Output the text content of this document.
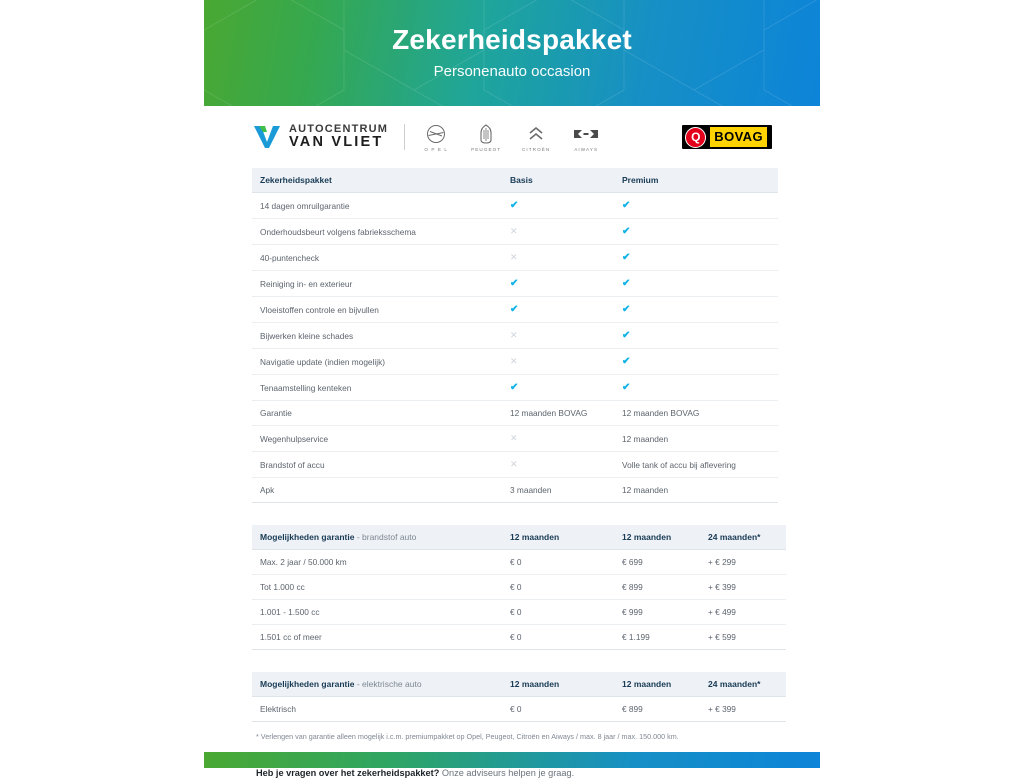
Zekerheidspakket
Personenauto occasion
AUTOCENTRUM
VAN VLIET	O P E L	PEUGEOT	CITROËN	AIWAYS
Q	BOVAG
Zekerheidspakket	Basis	Premium
14 dagen omruilgarantie	✔	✔
Onderhoudsbeurt volgens fabrieksschema	✕	✔
40-puntencheck	✕	✔
Reiniging in- en exterieur	✔	✔
Vloeistoffen controle en bijvullen	✔	✔
Bijwerken kleine schades	✕	✔
Navigatie update (indien mogelijk)	✕	✔
Tenaamstelling kenteken	✔	✔
Garantie	12 maanden BOVAG	12 maanden BOVAG
Wegenhulpservice	✕	12 maanden
Brandstof of accu	✕	Volle tank of accu bij aflevering
Apk	3 maanden	12 maanden
Mogelijkheden garantie - brandstof auto	12 maanden	12 maanden	24 maanden*
Max. 2 jaar / 50.000 km	€ 0	€ 699	+ € 299
Tot 1.000 cc	€ 0	€ 899	+ € 399
1.001 - 1.500 cc	€ 0	€ 999	+ € 499
1.501 cc of meer	€ 0	€ 1.199	+ € 599
Mogelijkheden garantie - elektrische auto	12 maanden	12 maanden	24 maanden*
Elektrisch	€ 0	€ 899	+ € 399
* Verlengen van garantie alleen mogelijk i.c.m. premiumpakket op Opel, Peugeot, Citroën en Aiways / max. 8 jaar / max. 150.000 km.
Heb je vragen over het zekerheidspakket? Onze adviseurs helpen je graag.
